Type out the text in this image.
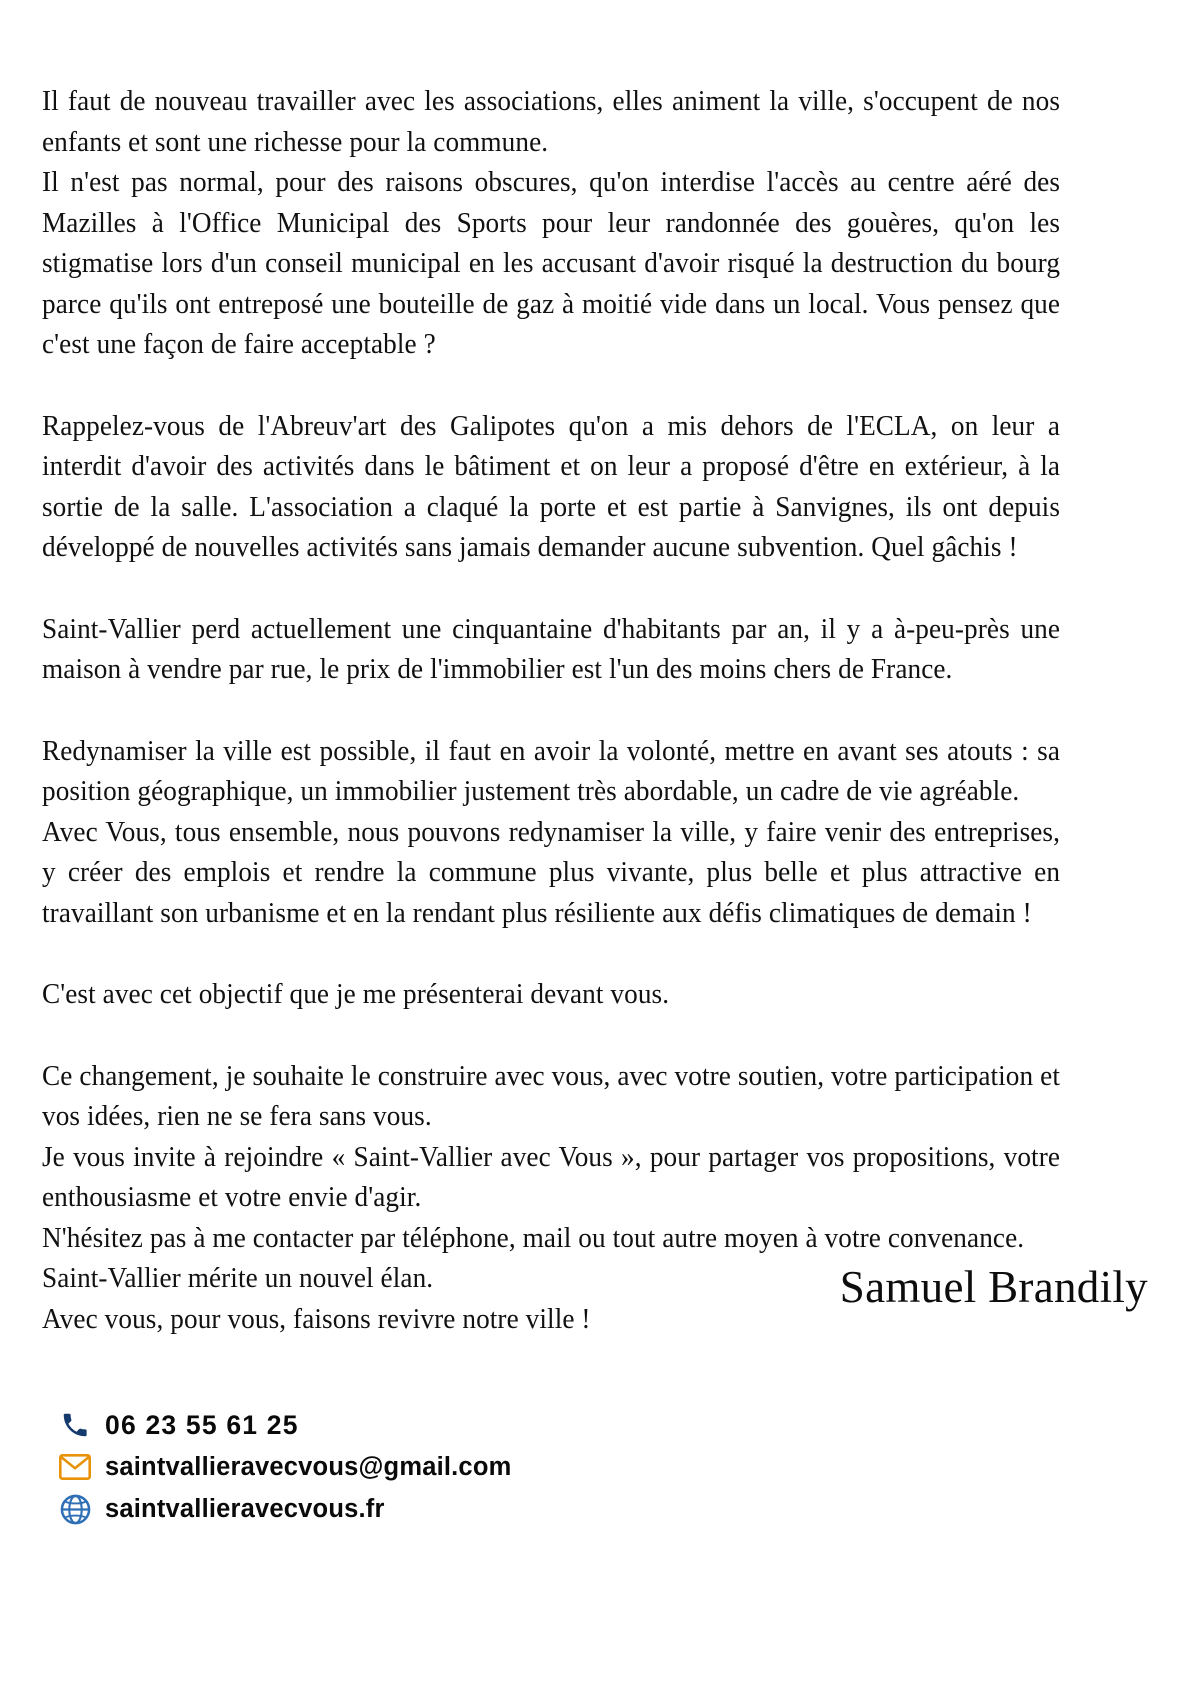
Il faut de nouveau travailler avec les associations, elles animent la ville, s'occupent de nos enfants et sont une richesse pour la commune.

Il n'est pas normal, pour des raisons obscures, qu'on interdise l'accès au centre aéré des Mazilles à l'Office Municipal des Sports pour leur randonnée des gouères, qu'on les stigmatise lors d'un conseil municipal en les accusant d'avoir risqué la destruction du bourg parce qu'ils ont entreposé une bouteille de gaz à moitié vide dans un local. Vous pensez que c'est une façon de faire acceptable ?

Rappelez-vous de l'Abreuv'art des Galipotes qu'on a mis dehors de l'ECLA, on leur a interdit d'avoir des activités dans le bâtiment et on leur a proposé d'être en extérieur, à la sortie de la salle. L'association a claqué la porte et est partie à Sanvignes, ils ont depuis développé de nouvelles activités sans jamais demander aucune subvention. Quel gâchis !

Saint-Vallier perd actuellement une cinquantaine d'habitants par an, il y a à-peu-près une maison à vendre par rue, le prix de l'immobilier est l'un des moins chers de France.

Redynamiser la ville est possible, il faut en avoir la volonté, mettre en avant ses atouts : sa position géographique, un immobilier justement très abordable, un cadre de vie agréable.

Avec Vous, tous ensemble, nous pouvons redynamiser la ville, y faire venir des entreprises, y créer des emplois et rendre la commune plus vivante, plus belle et plus attractive en travaillant son urbanisme et en la rendant plus résiliente aux défis climatiques de demain !

C'est avec cet objectif que je me présenterai devant vous.

Ce changement, je souhaite le construire avec vous, avec votre soutien, votre participation et vos idées, rien ne se fera sans vous.

Je vous invite à rejoindre « Saint-Vallier avec Vous », pour partager vos propositions, votre enthousiasme et votre envie d'agir.

N'hésitez pas à me contacter par téléphone, mail ou tout autre moyen à votre convenance.

Saint-Vallier mérite un nouvel élan.

Avec vous, pour vous, faisons revivre notre ville !

Samuel Brandily
06 23 55 61 25
saintvallieravecvous@gmail.com
saintvallieravecvous.fr
